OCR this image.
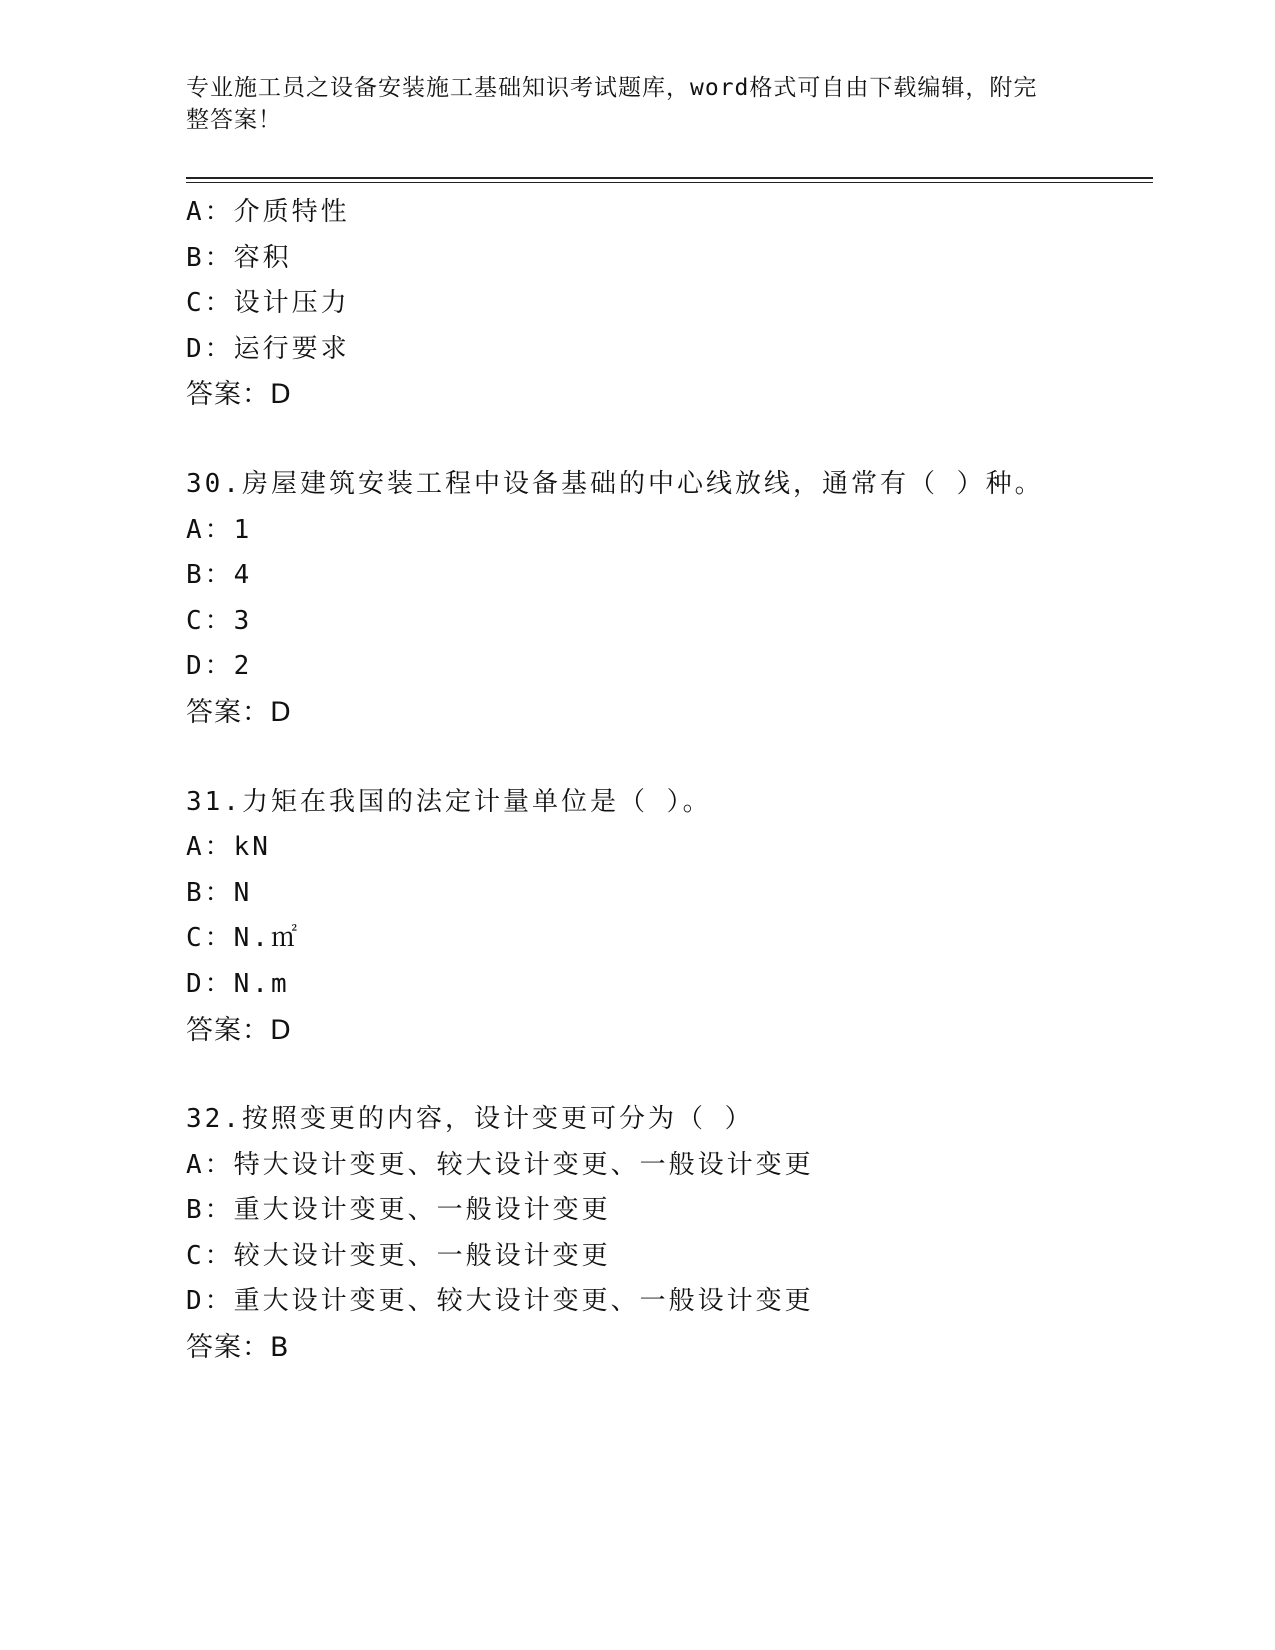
专业施工员之设备安装施工基础知识考试题库，word格式可自由下载编辑，附完
整答案！
A：介质特性
B：容积
C：设计压力
D：运行要求
答案：D
30.房屋建筑安装工程中设备基础的中心线放线，通常有（ ）种。
A：1
B：4
C：3
D：2
答案：D
31.力矩在我国的法定计量单位是（ ）。
A：kN
B：N
C：N.㎡
D：N.m
答案：D
32.按照变更的内容，设计变更可分为（ ）
A：特大设计变更、较大设计变更、一般设计变更
B：重大设计变更、一般设计变更
C：较大设计变更、一般设计变更
D：重大设计变更、较大设计变更、一般设计变更
答案：B
